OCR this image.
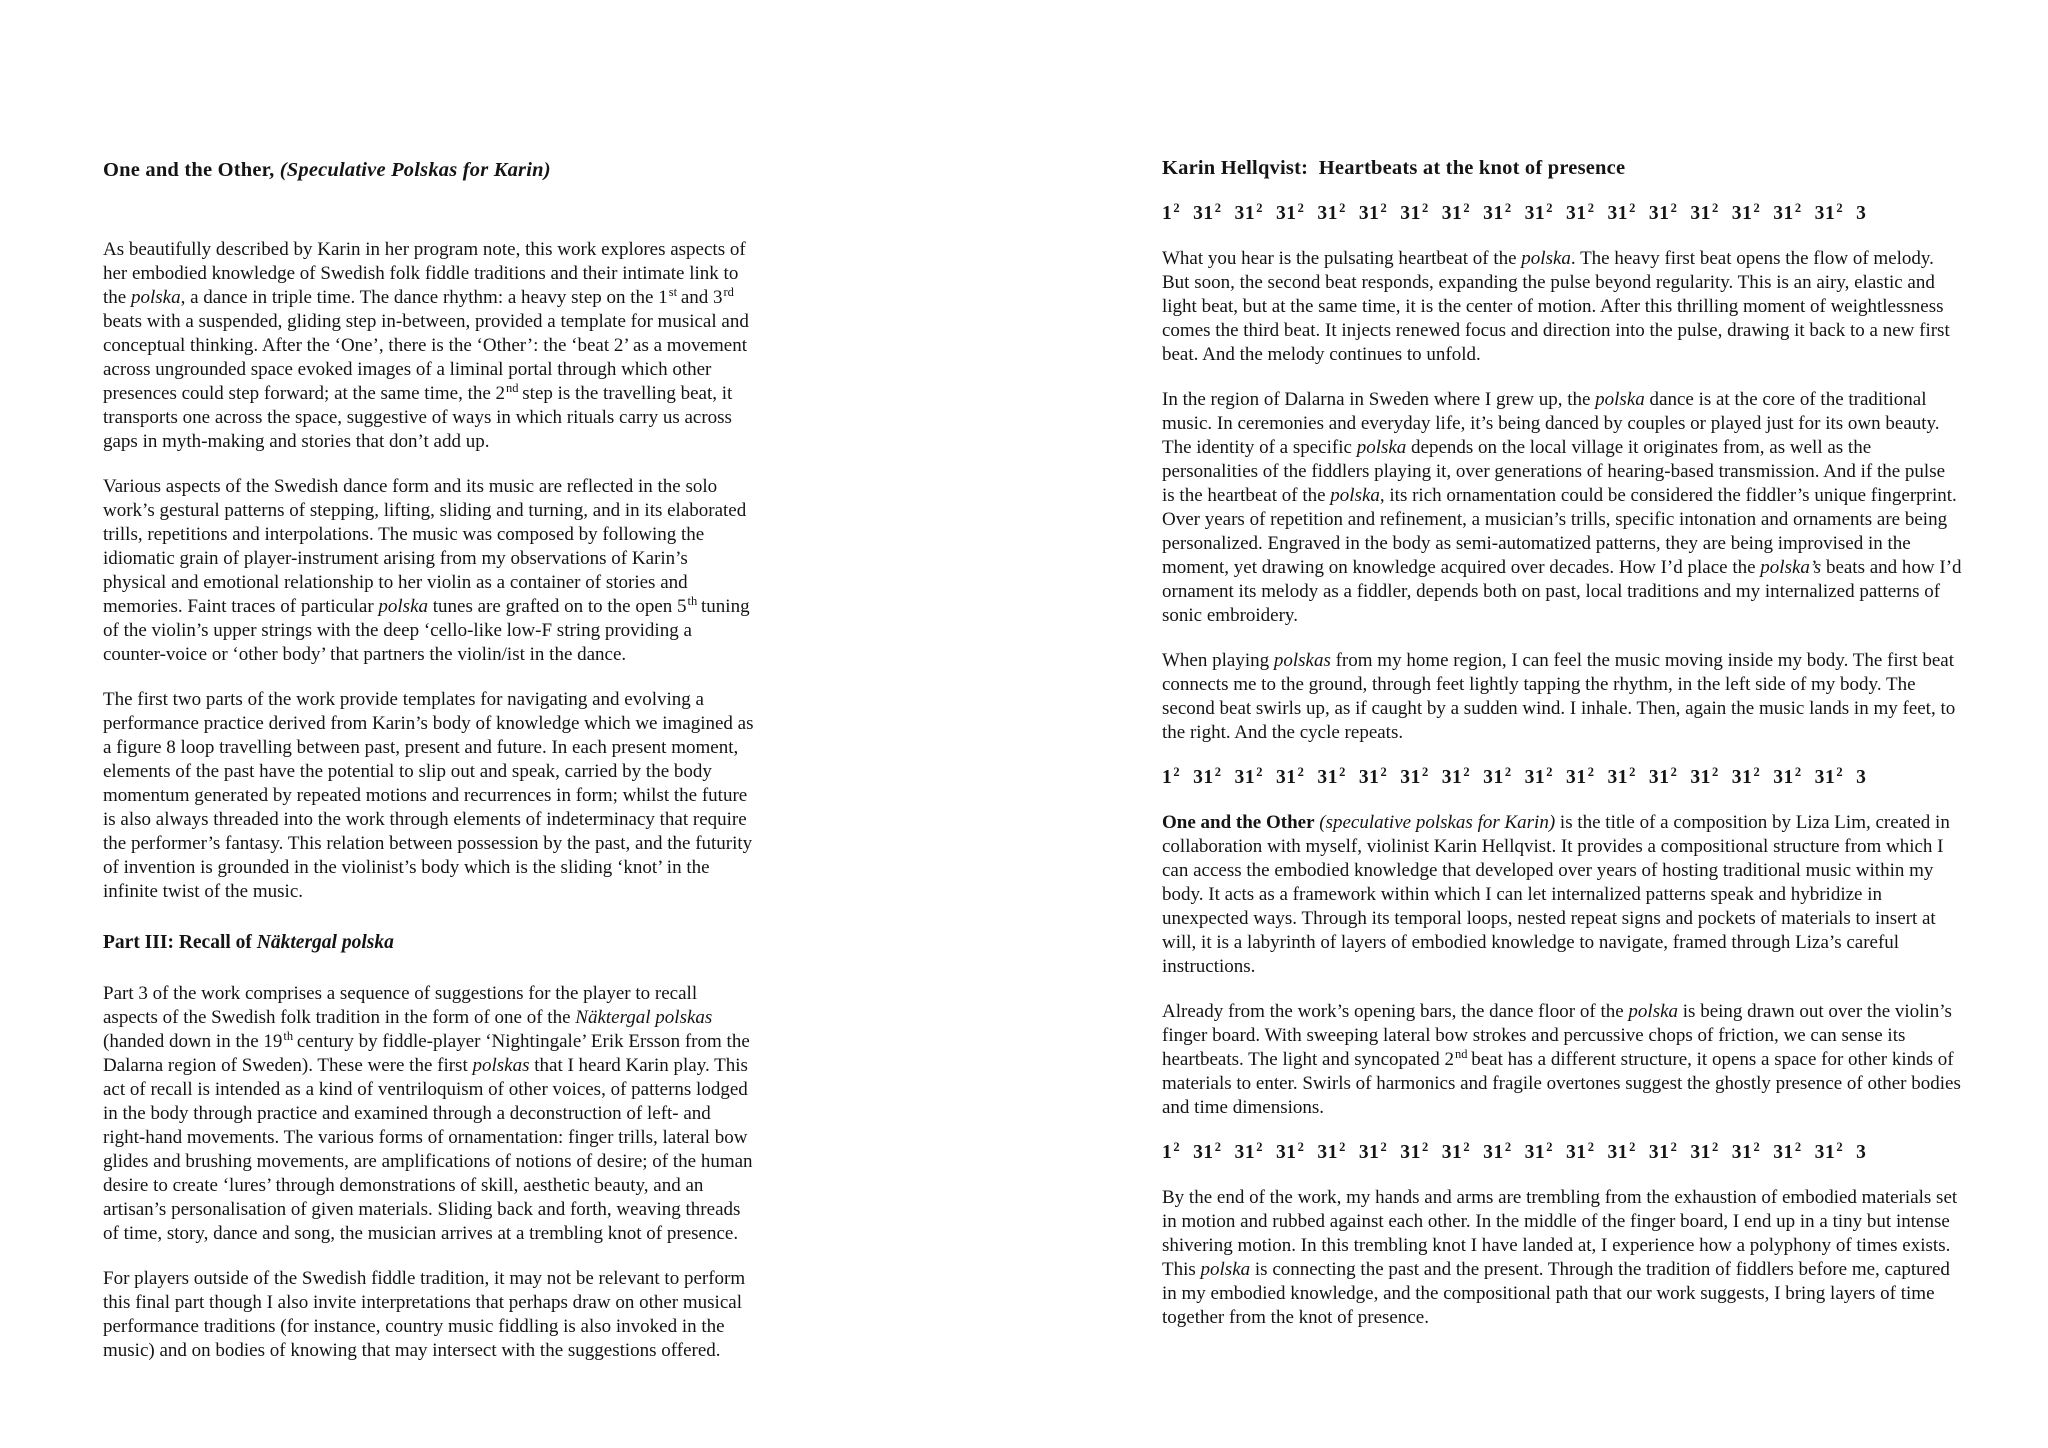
One and the Other, (Speculative Polskas for Karin)
As beautifully described by Karin in her program note, this work explores aspects of her embodied knowledge of Swedish folk fiddle traditions and their intimate link to the polska, a dance in triple time. The dance rhythm: a heavy step on the 1st and 3rd beats with a suspended, gliding step in-between, provided a template for musical and conceptual thinking. After the ‘One’, there is the ‘Other’: the ‘beat 2’ as a movement across ungrounded space evoked images of a liminal portal through which other presences could step forward; at the same time, the 2nd step is the travelling beat, it transports one across the space, suggestive of ways in which rituals carry us across gaps in myth-making and stories that don’t add up.
Various aspects of the Swedish dance form and its music are reflected in the solo work’s gestural patterns of stepping, lifting, sliding and turning, and in its elaborated trills, repetitions and interpolations. The music was composed by following the idiomatic grain of player-instrument arising from my observations of Karin’s physical and emotional relationship to her violin as a container of stories and memories. Faint traces of particular polska tunes are grafted on to the open 5th tuning of the violin’s upper strings with the deep ‘cello-like low-F string providing a counter-voice or ‘other body’ that partners the violin/ist in the dance.
The first two parts of the work provide templates for navigating and evolving a performance practice derived from Karin’s body of knowledge which we imagined as a figure 8 loop travelling between past, present and future. In each present moment, elements of the past have the potential to slip out and speak, carried by the body momentum generated by repeated motions and recurrences in form; whilst the future is also always threaded into the work through elements of indeterminacy that require the performer’s fantasy. This relation between possession by the past, and the futurity of invention is grounded in the violinist’s body which is the sliding ‘knot’ in the infinite twist of the music.
Part III: Recall of Näktergal polska
Part 3 of the work comprises a sequence of suggestions for the player to recall aspects of the Swedish folk tradition in the form of one of the Näktergal polskas (handed down in the 19th century by fiddle-player ‘Nightingale’ Erik Ersson from the Dalarna region of Sweden). These were the first polskas that I heard Karin play. This act of recall is intended as a kind of ventriloquism of other voices, of patterns lodged in the body through practice and examined through a deconstruction of left- and right-hand movements. The various forms of ornamentation: finger trills, lateral bow glides and brushing movements, are amplifications of notions of desire; of the human desire to create ‘lures’ through demonstrations of skill, aesthetic beauty, and an artisan’s personalisation of given materials. Sliding back and forth, weaving threads of time, story, dance and song, the musician arrives at a trembling knot of presence.
For players outside of the Swedish fiddle tradition, it may not be relevant to perform this final part though I also invite interpretations that perhaps draw on other musical performance traditions (for instance, country music fiddling is also invoked in the music) and on bodies of knowing that may intersect with the suggestions offered.
Karin Hellqvist:  Heartbeats at the knot of presence
$1^2$ $31^2$ $31^2$ $31^2$ $31^2$ $31^2$ $31^2$ $31^2$ $31^2$ $31^2$ $31^2$ $31^2$ $31^2$ $31^2$ $31^2$ $31^2$ $31^2$ 3
What you hear is the pulsating heartbeat of the polska. The heavy first beat opens the flow of melody. But soon, the second beat responds, expanding the pulse beyond regularity. This is an airy, elastic and light beat, but at the same time, it is the center of motion. After this thrilling moment of weightlessness comes the third beat. It injects renewed focus and direction into the pulse, drawing it back to a new first beat. And the melody continues to unfold.
In the region of Dalarna in Sweden where I grew up, the polska dance is at the core of the traditional music. In ceremonies and everyday life, it’s being danced by couples or played just for its own beauty. The identity of a specific polska depends on the local village it originates from, as well as the personalities of the fiddlers playing it, over generations of hearing-based transmission. And if the pulse is the heartbeat of the polska, its rich ornamentation could be considered the fiddler’s unique fingerprint. Over years of repetition and refinement, a musician’s trills, specific intonation and ornaments are being personalized. Engraved in the body as semi-automatized patterns, they are being improvised in the moment, yet drawing on knowledge acquired over decades. How I’d place the polska’s beats and how I’d ornament its melody as a fiddler, depends both on past, local traditions and my internalized patterns of sonic embroidery.
When playing polskas from my home region, I can feel the music moving inside my body. The first beat connects me to the ground, through feet lightly tapping the rhythm, in the left side of my body. The second beat swirls up, as if caught by a sudden wind. I inhale. Then, again the music lands in my feet, to the right. And the cycle repeats.
$1^2$ $31^2$ $31^2$ $31^2$ $31^2$ $31^2$ $31^2$ $31^2$ $31^2$ $31^2$ $31^2$ $31^2$ $31^2$ $31^2$ $31^2$ $31^2$ $31^2$ 3
One and the Other (speculative polskas for Karin) is the title of a composition by Liza Lim, created in collaboration with myself, violinist Karin Hellqvist. It provides a compositional structure from which I can access the embodied knowledge that developed over years of hosting traditional music within my body. It acts as a framework within which I can let internalized patterns speak and hybridize in unexpected ways. Through its temporal loops, nested repeat signs and pockets of materials to insert at will, it is a labyrinth of layers of embodied knowledge to navigate, framed through Liza’s careful instructions.
Already from the work’s opening bars, the dance floor of the polska is being drawn out over the violin’s finger board. With sweeping lateral bow strokes and percussive chops of friction, we can sense its heartbeats. The light and syncopated 2nd beat has a different structure, it opens a space for other kinds of materials to enter. Swirls of harmonics and fragile overtones suggest the ghostly presence of other bodies and time dimensions.
$1^2$ $31^2$ $31^2$ $31^2$ $31^2$ $31^2$ $31^2$ $31^2$ $31^2$ $31^2$ $31^2$ $31^2$ $31^2$ $31^2$ $31^2$ $31^2$ $31^2$ 3
By the end of the work, my hands and arms are trembling from the exhaustion of embodied materials set in motion and rubbed against each other. In the middle of the finger board, I end up in a tiny but intense shivering motion. In this trembling knot I have landed at, I experience how a polyphony of times exists. This polska is connecting the past and the present. Through the tradition of fiddlers before me, captured in my embodied knowledge, and the compositional path that our work suggests, I bring layers of time together from the knot of presence.
